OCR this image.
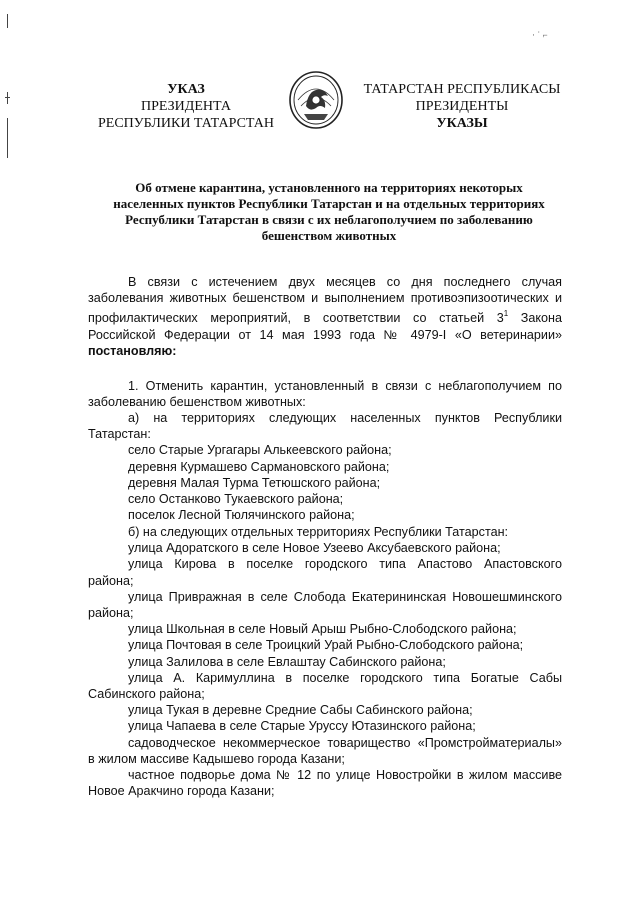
· ˙ ⌐
УКАЗ
ПРЕЗИДЕНТА
РЕСПУБЛИКИ ТАТАРСТАН
ТАТАРСТАН РЕСПУБЛИКАСЫ
ПРЕЗИДЕНТЫ
УКАЗЫ
Об отмене карантина, установленного на территориях некоторых
населенных пунктов Республики Татарстан и на отдельных территориях
Республики Татарстан в связи с их неблагополучием по заболеванию
бешенством животных
В связи с истечением двух месяцев со дня последнего случая
заболевания животных бешенством и выполнением противоэпизоотических и
профилактических мероприятий, в соответствии со статьей $3^1$ Закона
Российской Федерации от 14 мая 1993 года № 4979-I «О ветеринарии»
постановляю:
1. Отменить карантин, установленный в связи с неблагополучием по
заболеванию бешенством животных:
а) на территориях следующих населенных пунктов Республики
Татарстан:
село Старые Ургагары Алькеевского района;
деревня Курмашево Сармановского района;
деревня Малая Турма Тетюшского района;
село Останково Тукаевского района;
поселок Лесной Тюлячинского района;
б) на следующих отдельных территориях Республики Татарстан:
улица Адоратского в селе Новое Узеево Аксубаевского района;
улица Кирова в поселке городского типа Апастово Апастовского
района;
улица Привражная в селе Слобода Екатерининская Новошешминского
района;
улица Школьная в селе Новый Арыш Рыбно-Слободского района;
улица Почтовая в селе Троицкий Урай Рыбно-Слободского района;
улица Залилова в селе Евлаштау Сабинского района;
улица А. Каримуллина в поселке городского типа Богатые Сабы
Сабинского района;
улица Тукая в деревне Средние Сабы Сабинского района;
улица Чапаева в селе Старые Уруссу Ютазинского района;
садоводческое некоммерческое товарищество «Промстройматериалы»
в жилом массиве Кадышево города Казани;
частное подворье дома № 12 по улице Новостройки в жилом массиве
Новое Аракчино города Казани;
